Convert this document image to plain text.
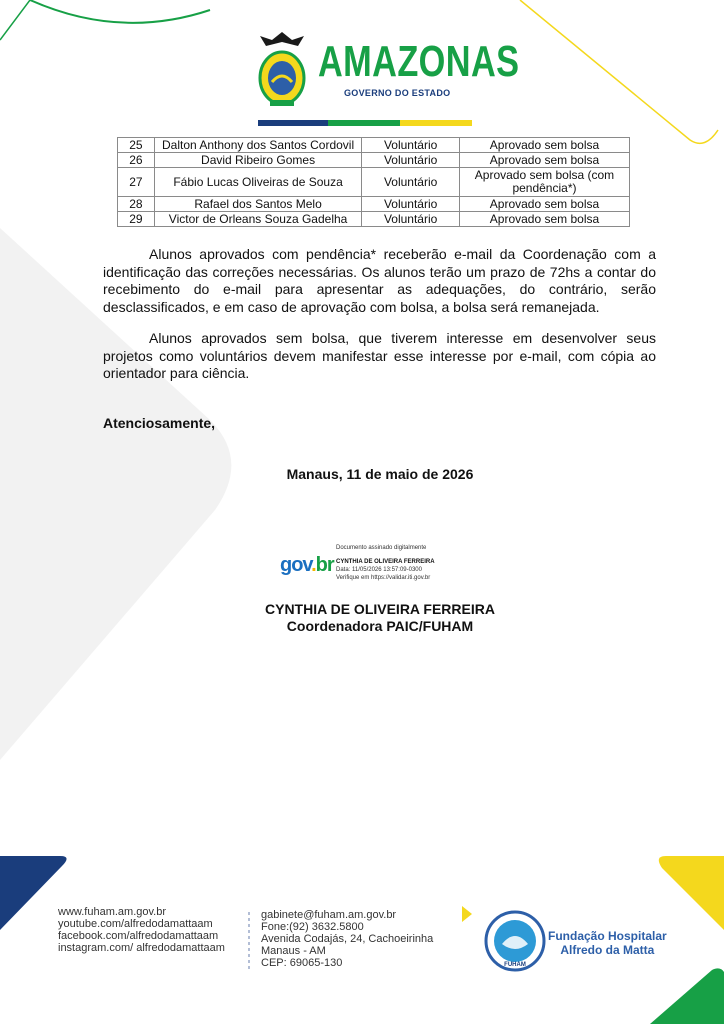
AMAZONAS
GOVERNO DO ESTADO
25	Dalton Anthony dos Santos Cordovil	Voluntário	Aprovado sem bolsa
26	David Ribeiro Gomes	Voluntário	Aprovado sem bolsa
27	Fábio Lucas Oliveiras de Souza	Voluntário	Aprovado sem bolsa (com pendência*)
28	Rafael dos Santos Melo	Voluntário	Aprovado sem bolsa
29	Victor de Orleans Souza Gadelha	Voluntário	Aprovado sem bolsa

Alunos aprovados com pendência* receberão e-mail da Coordenação com a identificação das correções necessárias. Os alunos terão um prazo de 72hs a contar do recebimento do e-mail para apresentar as adequações, do contrário, serão desclassificados, e em caso de aprovação com bolsa, a bolsa será remanejada.

Alunos aprovados sem bolsa, que tiverem interesse em desenvolver seus projetos como voluntários devem manifestar esse interesse por e-mail, com cópia ao orientador para ciência.

Atenciosamente,
Manaus, 11 de maio de 2026
gov.br
Documento assinado digitalmente
CYNTHIA DE OLIVEIRA FERREIRA
Data: 11/05/2026 13:57:09-0300
Verifique em https://validar.iti.gov.br
CYNTHIA DE OLIVEIRA FERREIRA
Coordenadora PAIC/FUHAM
www.fuham.am.gov.br
youtube.com/alfredodamattaam
facebook.com/alfredodamattaam
instagram.com/ alfredodamattaam
gabinete@fuham.am.gov.br
Fone:(92) 3632.5800
Avenida Codajás, 24, Cachoeirinha
Manaus - AM
CEP: 69065-130	FUHAM
Fundação Hospitalar
Alfredo da Matta
